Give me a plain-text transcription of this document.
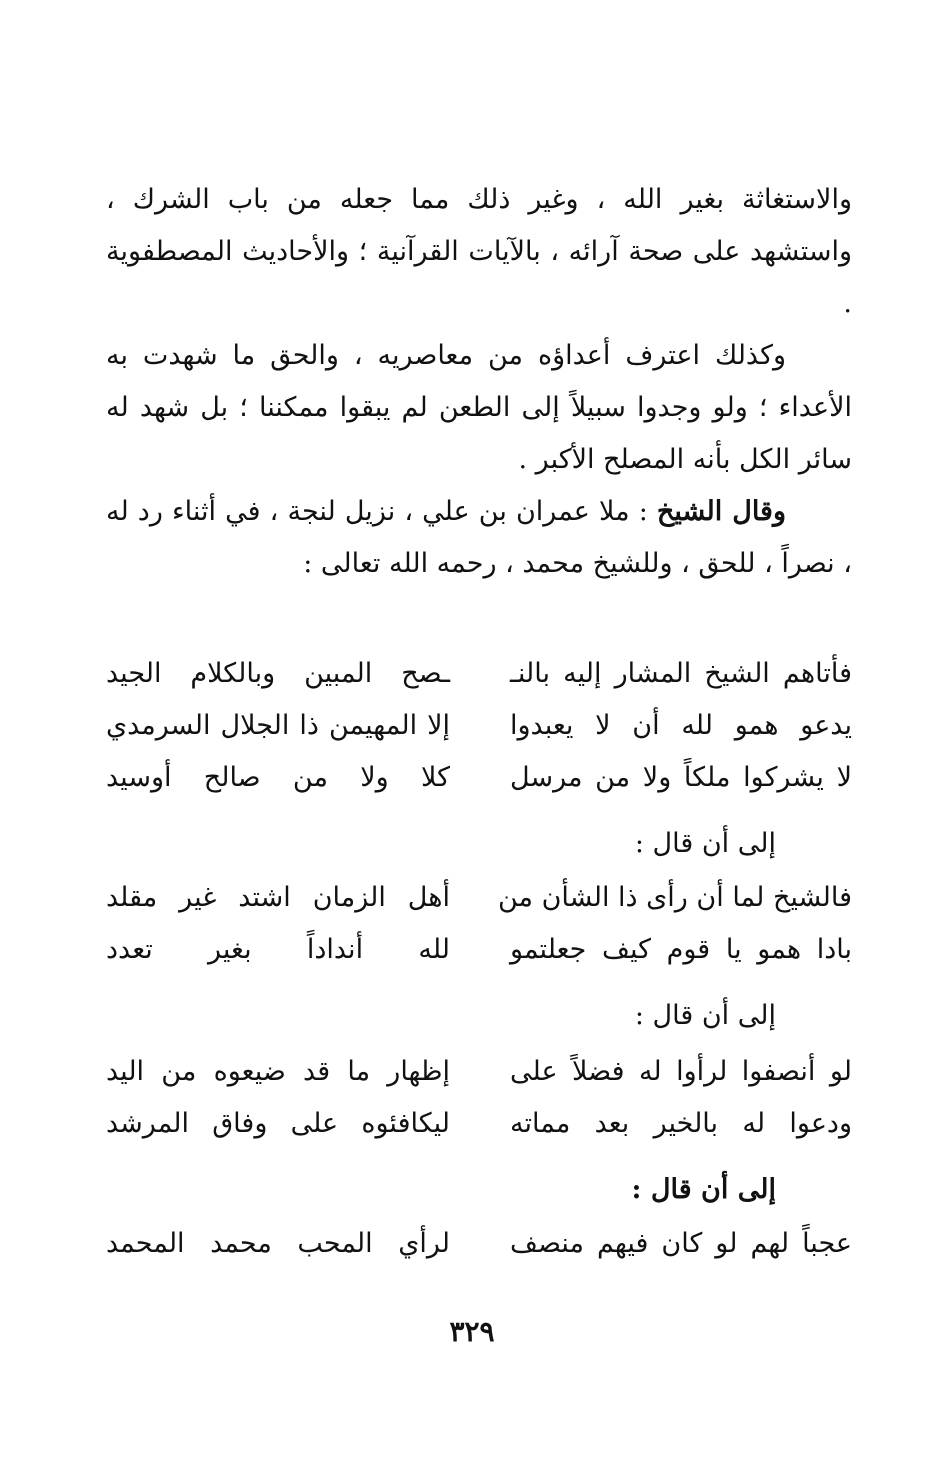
والاستغاثة بغير الله ، وغير ذلك مما جعله من باب الشرك ، واستشهد على صحة آرائه ، بالآيات القرآنية ؛ والأحاديث المصطفوية .

وكذلك اعترف أعداؤه من معاصريه ، والحق ما شهدت به الأعداء ؛ ولو وجدوا سبيلاً إلى الطعن لم يبقوا ممكننا ؛ بل شهد له سائر الكل بأنه المصلح الأكبر .

وقال الشيخ : ملا عمران بن علي ، نزيل لنجة ، في أثناء رد له ، نصراً ، للحق ، وللشيخ محمد ، رحمه الله تعالى :

فأتاهم الشيخ المشار إليه بالنـ
ـصح المبين وبالكلام الجيد
يدعو همو لله أن لا يعبدوا
إلا المهيمن ذا الجلال السرمدي
لا يشركوا ملكاً ولا من مرسل
كلا ولا من صالح أوسيد
إلى أن قال :
فالشيخ لما أن رأى ذا الشأن من
أهل الزمان اشتد غير مقلد
بادا همو يا قوم كيف جعلتمو
لله أنداداً بغير تعدد
إلى أن قال :
لو أنصفوا لرأوا له فضلاً على
إظهار ما قد ضيعوه من اليد
ودعوا له بالخير بعد مماته
ليكافئوه على وفاق المرشد
إلى أن قال :
عجباً لهم لو كان فيهم منصف
لرأي المحب محمد المحمد
٣٢٩
